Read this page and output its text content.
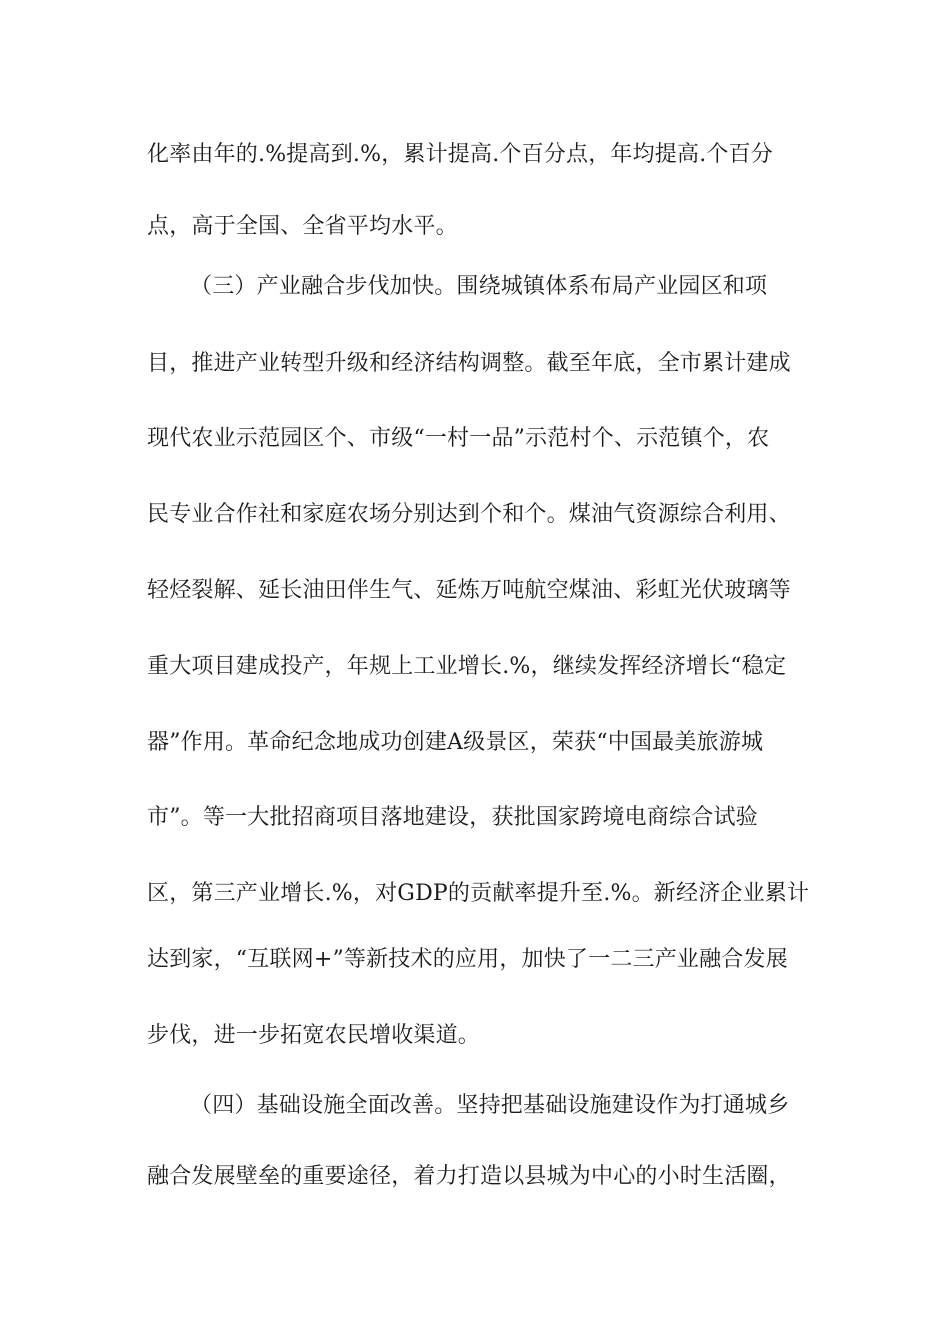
化率由年的.%提高到.%，累计提高.个百分点，年均提高.个百分
点，高于全国、全省平均水平。
（三）产业融合步伐加快。围绕城镇体系布局产业园区和项
目，推进产业转型升级和经济结构调整。截至年底，全市累计建成
现代农业示范园区个、市级“一村一品”示范村个、示范镇个，农
民专业合作社和家庭农场分别达到个和个。煤油气资源综合利用、
轻烃裂解、延长油田伴生气、延炼万吨航空煤油、彩虹光伏玻璃等
重大项目建成投产，年规上工业增长.%，继续发挥经济增长“稳定
器”作用。革命纪念地成功创建A级景区，荣获“中国最美旅游城
市”。等一大批招商项目落地建设，获批国家跨境电商综合试验
区，第三产业增长.%，对GDP的贡献率提升至.%。新经济企业累计
达到家，“互联网+”等新技术的应用，加快了一二三产业融合发展
步伐，进一步拓宽农民增收渠道。
（四）基础设施全面改善。坚持把基础设施建设作为打通城乡
融合发展壁垒的重要途径，着力打造以县城为中心的小时生活圈，
